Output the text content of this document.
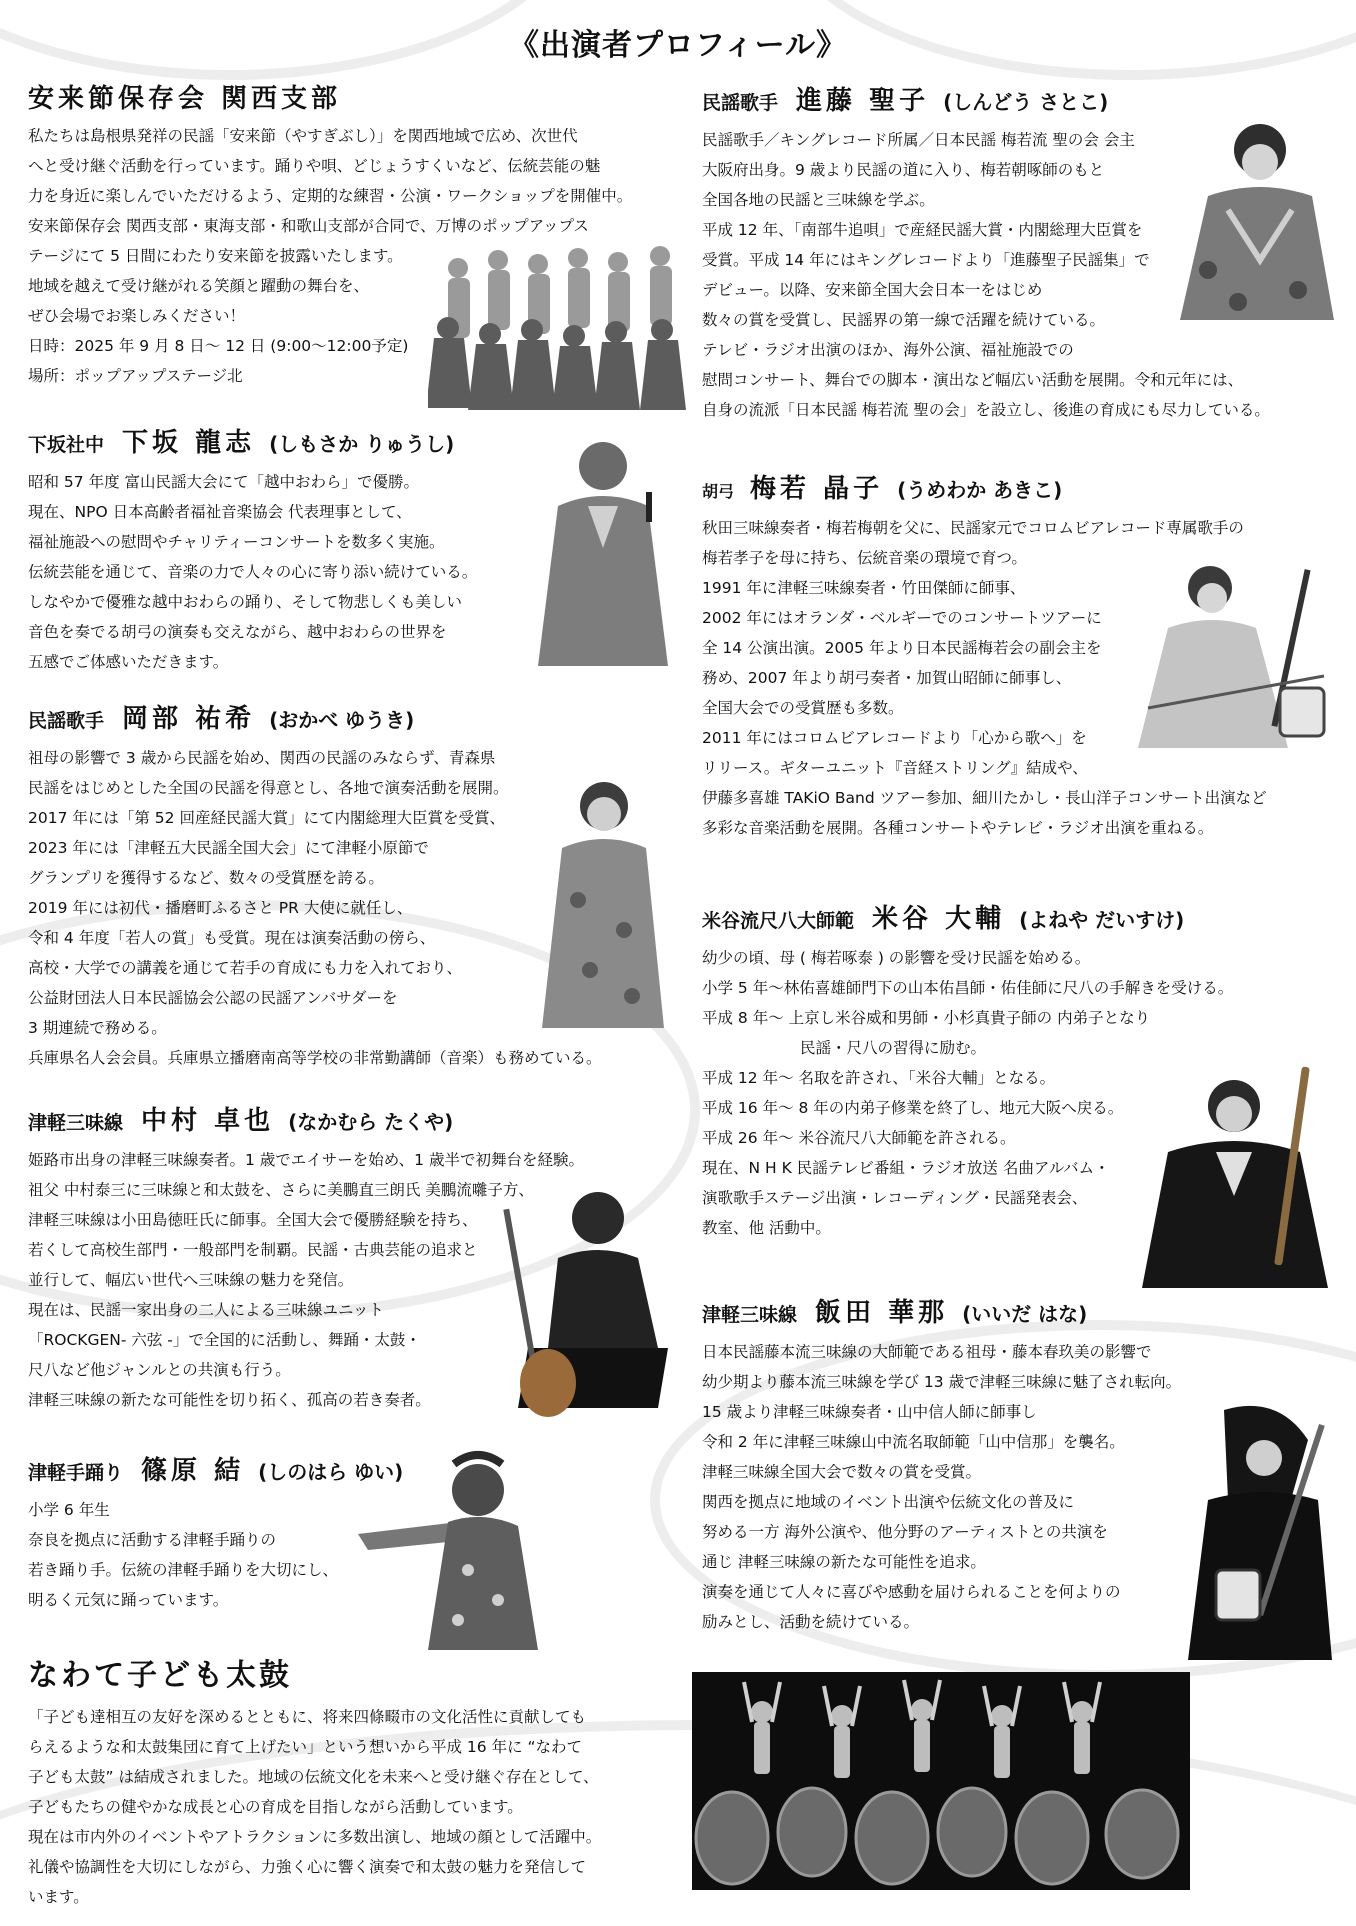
《出演者プロフィール》
安来節保存会 関西支部
私たちは島根県発祥の民謡「安来節（やすぎぶし）」を関西地域で広め、次世代
へと受け継ぐ活動を行っています。踊りや唄、どじょうすくいなど、伝統芸能の魅
力を身近に楽しんでいただけるよう、定期的な練習・公演・ワークショップを開催中。
安来節保存会 関西支部・東海支部・和歌山支部が合同で、万博のポップアップス
テージにて 5 日間にわたり安来節を披露いたします。
地域を越えて受け継がれる笑顔と躍動の舞台を、
ぜひ会場でお楽しみください！
日時：2025 年 9 月 8 日～ 12 日 (9:00～12:00予定)
場所：ポップアップステージ北
下坂社中 下坂 龍志 (しもさか りゅうし)
昭和 57 年度 富山民謡大会にて「越中おわら」で優勝。
現在、NPO 日本高齢者福祉音楽協会 代表理事として、
福祉施設への慰問やチャリティーコンサートを数多く実施。
伝統芸能を通じて、音楽の力で人々の心に寄り添い続けている。
しなやかで優雅な越中おわらの踊り、そして物悲しくも美しい
音色を奏でる胡弓の演奏も交えながら、越中おわらの世界を
五感でご体感いただきます。
民謡歌手 岡部 祐希 (おかべ ゆうき)
祖母の影響で 3 歳から民謡を始め、関西の民謡のみならず、青森県
民謡をはじめとした全国の民謡を得意とし、各地で演奏活動を展開。
2017 年には「第 52 回産経民謡大賞」にて内閣総理大臣賞を受賞、
2023 年には「津軽五大民謡全国大会」にて津軽小原節で
グランプリを獲得するなど、数々の受賞歴を誇る。
2019 年には初代・播磨町ふるさと PR 大使に就任し、
令和 4 年度「若人の賞」も受賞。現在は演奏活動の傍ら、
高校・大学での講義を通じて若手の育成にも力を入れており、
公益財団法人日本民謡協会公認の民謡アンバサダーを
3 期連続で務める。
兵庫県名人会会員。兵庫県立播磨南高等学校の非常勤講師（音楽）も務めている。
津軽三味線 中村 卓也 (なかむら たくや)
姫路市出身の津軽三味線奏者。1 歳でエイサーを始め、1 歳半で初舞台を経験。
祖父 中村泰三に三味線と和太鼓を、さらに美鵬直三朗氏 美鵬流囃子方、
津軽三味線は小田島徳旺氏に師事。全国大会で優勝経験を持ち、
若くして高校生部門・一般部門を制覇。民謡・古典芸能の追求と
並行して、幅広い世代へ三味線の魅力を発信。
現在は、民謡一家出身の二人による三味線ユニット
「ROCKGEN- 六弦 -」で全国的に活動し、舞踊・太鼓・
尺八など他ジャンルとの共演も行う。
津軽三味線の新たな可能性を切り拓く、孤高の若き奏者。
津軽手踊り 篠原 結 (しのはら ゆい)
小学 6 年生
奈良を拠点に活動する津軽手踊りの
若き踊り手。伝統の津軽手踊りを大切にし、
明るく元気に踊っています。
なわて子ども太鼓
「子ども達相互の友好を深めるとともに、将来四條畷市の文化活性に貢献しても
らえるような和太鼓集団に育て上げたい」という想いから平成 16 年に “なわて
子ども太鼓” は結成されました。地域の伝統文化を未来へと受け継ぐ存在として、
子どもたちの健やかな成長と心の育成を目指しながら活動しています。
現在は市内外のイベントやアトラクションに多数出演し、地域の顔として活躍中。
礼儀や協調性を大切にしながら、力強く心に響く演奏で和太鼓の魅力を発信して
います。
民謡歌手 進藤 聖子 (しんどう さとこ)
民謡歌手／キングレコード所属／日本民謡 梅若流 聖の会 会主
大阪府出身。9 歳より民謡の道に入り、梅若朝啄師のもと
全国各地の民謡と三味線を学ぶ。
平成 12 年、「南部牛追唄」で産経民謡大賞・内閣総理大臣賞を
受賞。平成 14 年にはキングレコードより「進藤聖子民謡集」で
デビュー。以降、安来節全国大会日本一をはじめ
数々の賞を受賞し、民謡界の第一線で活躍を続けている。
テレビ・ラジオ出演のほか、海外公演、福祉施設での
慰問コンサート、舞台での脚本・演出など幅広い活動を展開。令和元年には、
自身の流派「日本民謡 梅若流 聖の会」を設立し、後進の育成にも尽力している。
胡弓 梅若 晶子 (うめわか あきこ)
秋田三味線奏者・梅若梅朝を父に、民謡家元でコロムビアレコード専属歌手の
梅若孝子を母に持ち、伝統音楽の環境で育つ。
1991 年に津軽三味線奏者・竹田傑師に師事、
2002 年にはオランダ・ベルギーでのコンサートツアーに
全 14 公演出演。2005 年より日本民謡梅若会の副会主を
務め、2007 年より胡弓奏者・加賀山昭師に師事し、
全国大会での受賞歴も多数。
2011 年にはコロムビアレコードより「心から歌へ」を
リリース。ギターユニット『音経ストリング』結成や、
伊藤多喜雄 TAKiO Band ツアー参加、細川たかし・長山洋子コンサート出演など
多彩な音楽活動を展開。各種コンサートやテレビ・ラジオ出演を重ねる。
米谷流尺八大師範 米谷 大輔 (よねや だいすけ)
幼少の頃、母 ( 梅若啄泰 ) の影響を受け民謡を始める。
小学 5 年～林佑喜雄師門下の山本佑昌師・佑佳師に尺八の手解きを受ける。
平成 8 年～ 上京し米谷威和男師・小杉真貴子師の 内弟子となり
民謡・尺八の習得に励む。
平成 12 年～ 名取を許され、「米谷大輔」となる。
平成 16 年～ 8 年の内弟子修業を終了し、地元大阪へ戻る。
平成 26 年～ 米谷流尺八大師範を許される。
現在、N H K 民謡テレビ番組・ラジオ放送 名曲アルバム・
演歌歌手ステージ出演・レコーディング・民謡発表会、
教室、他 活動中。
津軽三味線 飯田 華那 (いいだ はな)
日本民謡藤本流三味線の大師範である祖母・藤本春玖美の影響で
幼少期より藤本流三味線を学び 13 歳で津軽三味線に魅了され転向。
15 歳より津軽三味線奏者・山中信人師に師事し
令和 2 年に津軽三味線山中流名取師範「山中信那」を襲名。
津軽三味線全国大会で数々の賞を受賞。
関西を拠点に地域のイベント出演や伝統文化の普及に
努める一方 海外公演や、他分野のアーティストとの共演を
通じ 津軽三味線の新たな可能性を追求。
演奏を通じて人々に喜びや感動を届けられることを何よりの
励みとし、活動を続けている。
